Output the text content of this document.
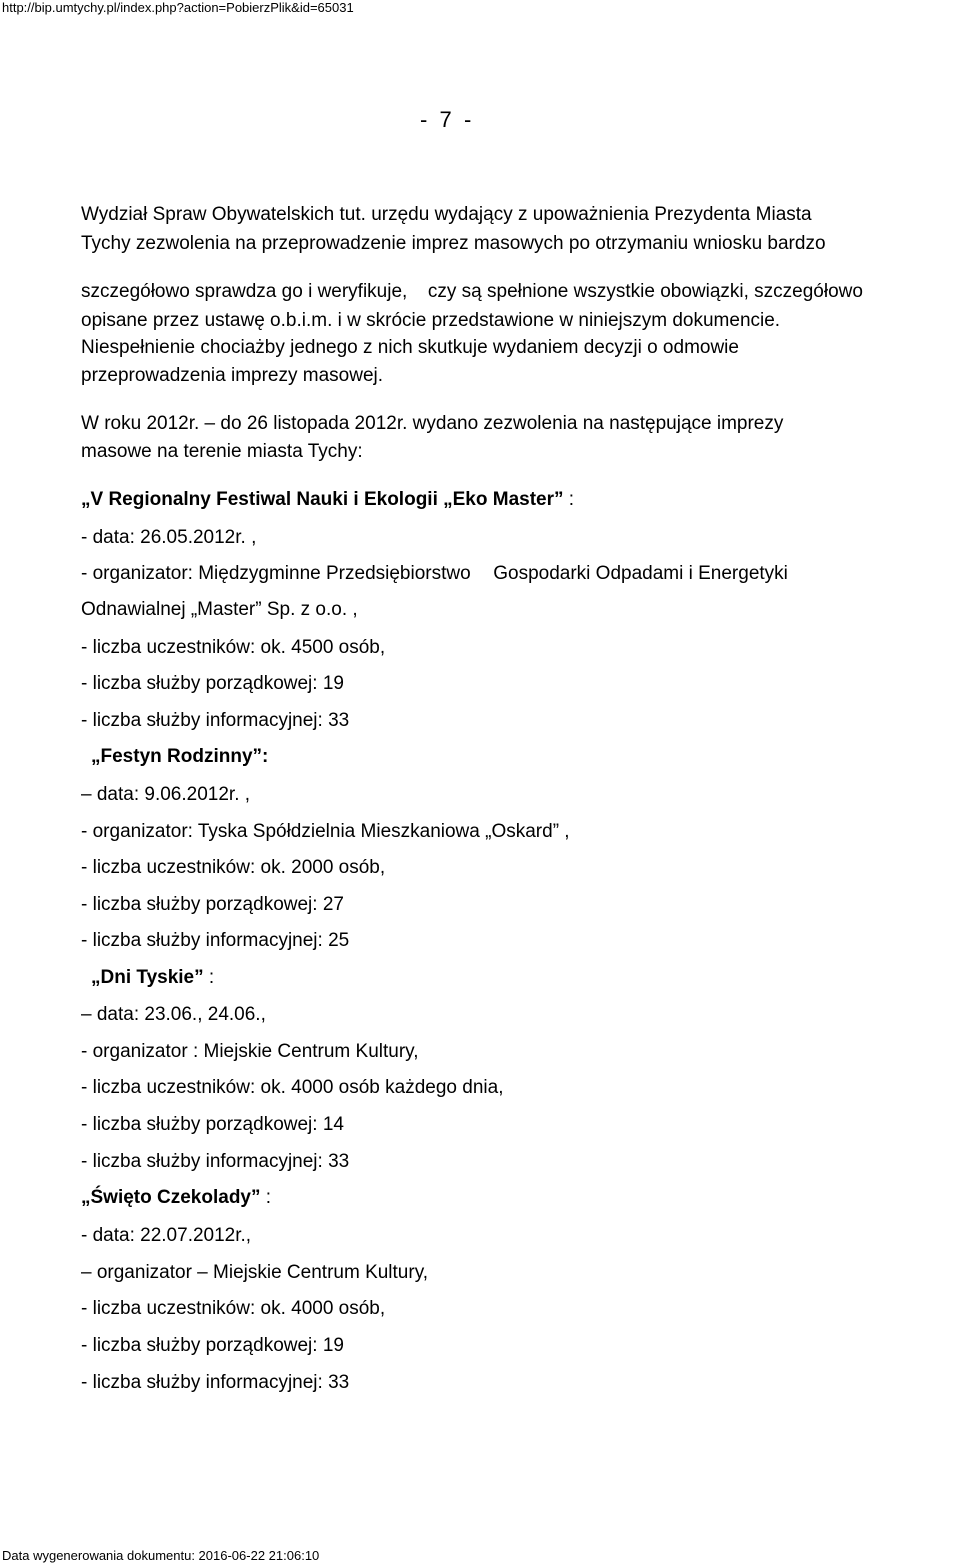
http://bip.umtychy.pl/index.php?action=PobierzPlik&id=65031
-  7  -
Wydział Spraw Obywatelskich tut. urzędu wydający z upoważnienia Prezydenta Miasta
Tychy zezwolenia na przeprowadzenie imprez masowych po otrzymaniu wniosku bardzo
szczegółowo sprawdza go i weryfikuje, czy są spełnione wszystkie obowiązki, szczegółowo
opisane przez ustawę o.b.i.m. i w skrócie przedstawione w niniejszym dokumencie.
Niespełnienie chociażby jednego z nich skutkuje wydaniem decyzji o odmowie
przeprowadzenia imprezy masowej.
W roku 2012r. – do 26 listopada 2012r. wydano zezwolenia na następujące imprezy
masowe na terenie miasta Tychy:
„V Regionalny Festiwal Nauki i Ekologii „Eko Master” :
- data: 26.05.2012r. ,
- organizator: Międzygminne Przedsiębiorstwo Gospodarki Odpadami i Energetyki
Odnawialnej „Master” Sp. z o.o. ,
- liczba uczestników: ok. 4500 osób,
- liczba służby porządkowej: 19
- liczba służby informacyjnej: 33
„Festyn Rodzinny”:
– data: 9.06.2012r. ,
- organizator: Tyska Spółdzielnia Mieszkaniowa „Oskard” ,
- liczba uczestników: ok. 2000 osób,
- liczba służby porządkowej: 27
- liczba służby informacyjnej: 25
„Dni Tyskie” :
– data: 23.06., 24.06.,
- organizator : Miejskie Centrum Kultury,
- liczba uczestników: ok. 4000 osób każdego dnia,
- liczba służby porządkowej: 14
- liczba służby informacyjnej: 33
„Święto Czekolady” :
- data: 22.07.2012r.,
– organizator – Miejskie Centrum Kultury,
- liczba uczestników: ok. 4000 osób,
- liczba służby porządkowej: 19
- liczba służby informacyjnej: 33
Data wygenerowania dokumentu: 2016-06-22 21:06:10
